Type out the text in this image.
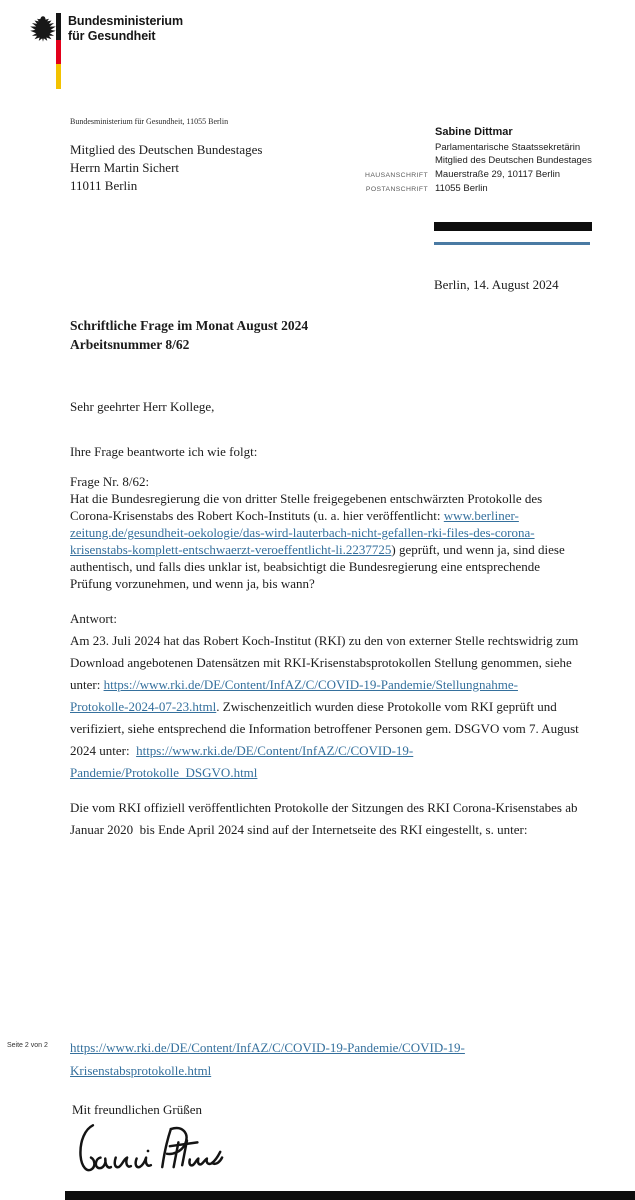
Bundesministerium
für Gesundheit
Bundesministerium für Gesundheit, 11055 Berlin
Mitglied des Deutschen Bundestages
Herrn Martin Sichert
11011 Berlin
Sabine Dittmar
Parlamentarische Staatssekretärin
Mitglied des Deutschen Bundestages
HAUSANSCHRIFT Mauerstraße 29, 10117 Berlin
POSTANSCHRIFT 11055 Berlin
Berlin, 14. August 2024
Schriftliche Frage im Monat August 2024
Arbeitsnummer 8/62
Sehr geehrter Herr Kollege,
Ihre Frage beantworte ich wie folgt:
Frage Nr. 8/62:
Hat die Bundesregierung die von dritter Stelle freigegebenen entschwärzten Protokolle des
Corona-Krisenstabs des Robert Koch-Instituts (u. a. hier veröffentlicht: www.berliner-
zeitung.de/gesundheit-oekologie/das-wird-lauterbach-nicht-gefallen-rki-files-des-corona-
krisenstabs-komplett-entschwaerzt-veroeffentlicht-li.2237725) geprüft, und wenn ja, sind diese
authentisch, und falls dies unklar ist, beabsichtigt die Bundesregierung eine entsprechende
Prüfung vorzunehmen, und wenn ja, bis wann?
Antwort:
Am 23. Juli 2024 hat das Robert Koch-Institut (RKI) zu den von externer Stelle rechtswidrig zum
Download angebotenen Datensätzen mit RKI-Krisenstabsprotokollen Stellung genommen, siehe
unter: https://www.rki.de/DE/Content/InfAZ/C/COVID-19-Pandemie/Stellungnahme-
Protokolle-2024-07-23.html. Zwischenzeitlich wurden diese Protokolle vom RKI geprüft und
verifiziert, siehe entsprechend die Information betroffener Personen gem. DSGVO vom 7. August
2024 unter:  https://www.rki.de/DE/Content/InfAZ/C/COVID-19-
Pandemie/Protokolle_DSGVO.html
Die vom RKI offiziell veröffentlichten Protokolle der Sitzungen des RKI Corona-Krisenstabes ab
Januar 2020  bis Ende April 2024 sind auf der Internetseite des RKI eingestellt, s. unter:
https://www.rki.de/DE/Content/InfAZ/C/COVID-19-Pandemie/COVID-19-
Krisenstabsprotokolle.html
Seite 2 von 2
Mit freundlichen Grüßen
